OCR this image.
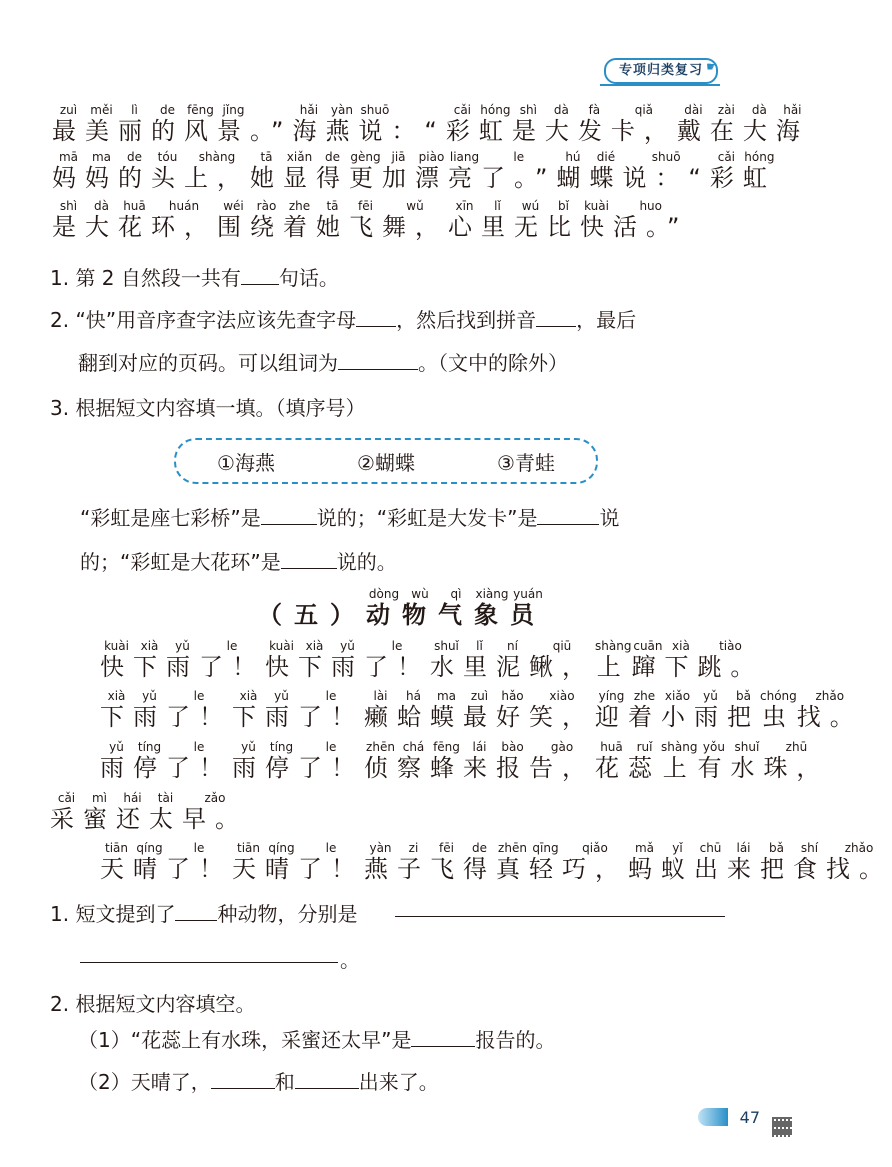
专项归类复习 ☛
最zuì
美měi
丽lì
的de
风fēng
景jǐng
。” 海hǎi
燕yàn
说shuō
：“ 彩cǎi
虹hóng
是shì
大dà
发fà
卡，qiǎ
戴dài
在zài
大dà
海hǎi
妈mā
妈ma
的de
头tóu
上，shàng
她tā
显xiǎn
得de
更gèng
加jiā
漂piào
亮liang
了。”le
蝴hú
蝶dié
说：“shuō
彩cǎi
虹hóng
是shì
大dà
花huā
环，huán
围wéi
绕rào
着zhe
她tā
飞fēi
舞，wǔ
心xīn
里lǐ
无wú
比bǐ
快kuài
活。”huo
1. 第 2 自然段一共有 句话。
2. “快”用音序查字法应该先查字母 ，然后找到拼音 ，最后
翻到对应的页码。可以组词为	。（文中的除外）
3. 根据短文内容填一填。（填序号）
①海燕	②蝴蝶	③青蛙
“彩虹是座七彩桥”是	说的；“彩虹是大发卡”是	说
的；“彩虹是大花环”是	说的。
（五）动dòng物wù气qì象xiàng员yuán
快kuài
下xià
雨yǔ
了！le
快kuài
下xià
雨yǔ
了！le
水shuǐ
里lǐ
泥ní
鳅，qiū
上shàng
蹿cuān
下xià
跳。tiào
下xià
雨yǔ
了！le
下xià
雨yǔ
了！le
癞lài
蛤há
蟆ma
最zuì
好hǎo
笑，xiào
迎yíng
着zhe
小xiǎo
雨yǔ
把bǎ
虫chóng
找。zhǎo
雨yǔ
停tíng
了！le
雨yǔ
停tíng
了！le
侦zhēn
察chá
蜂fēng
来lái
报bào
告，gào
花huā
蕊ruǐ
上shàng
有yǒu
水shuǐ
珠，zhū
采cǎi
蜜mì
还hái
太tài
早。zǎo
天tiān
晴qíng
了！le
天tiān
晴qíng
了！le
燕yàn
子zi
飞fēi
得de
真zhēn
轻qīng
巧，qiǎo
蚂mǎ
蚁yǐ
出chū
来lái
把bǎ
食shí
找。zhǎo
1. 短文提到了 种动物，分别是
。
2. 根据短文内容填空。
（1）“花蕊上有水珠，采蜜还太早”是	报告的。
（2）天晴了，	和	出来了。
47
